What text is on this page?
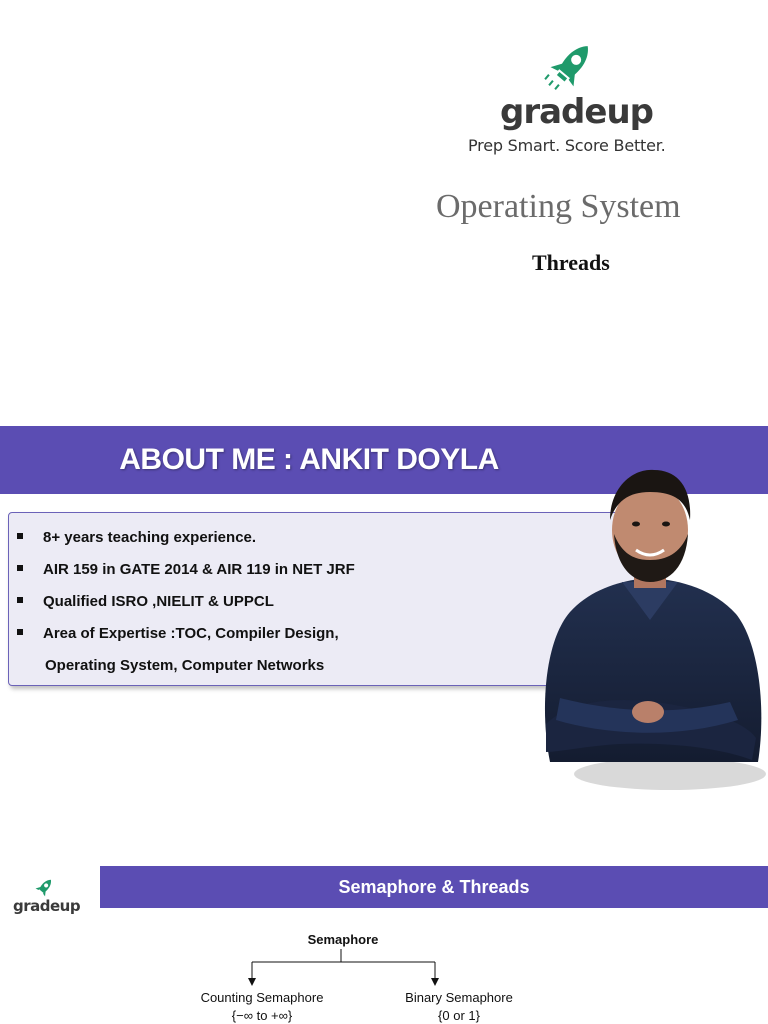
gradeup
Prep Smart. Score Better.
Operating System
Threads
ABOUT ME : ANKIT DOYLA
8+ years teaching experience.
AIR 159 in GATE 2014 & AIR 119 in NET JRF
Qualified ISRO ,NIELIT & UPPCL
Area of Expertise :TOC, Compiler Design,
Operating System, Computer Networks
gradeup
Semaphore & Threads
Semaphore
Counting Semaphore
{−∞ to +∞}
Binary Semaphore
{0 or 1}
